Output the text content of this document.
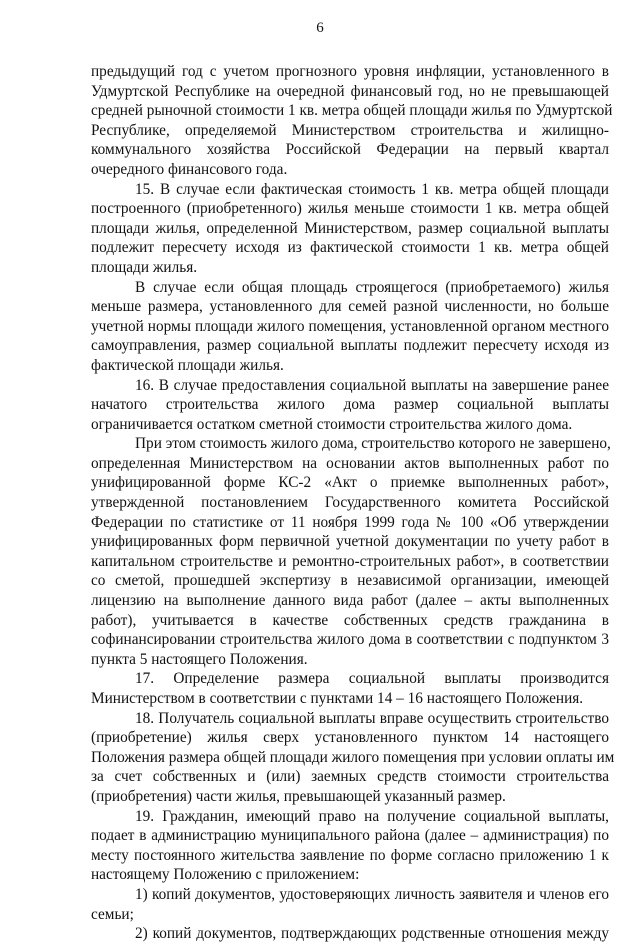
6
предыдущий год с учетом прогнозного уровня инфляции, установленного в
Удмуртской Республике на очередной финансовый год, но не превышающей
средней рыночной стоимости 1 кв. метра общей площади жилья по Удмуртской
Республике, определяемой Министерством строительства и жилищно-
коммунального хозяйства Российской Федерации на первый квартал
очередного финансового года.
15. В случае если фактическая стоимость 1 кв. метра общей площади
построенного (приобретенного) жилья меньше стоимости 1 кв. метра общей
площади жилья, определенной Министерством, размер социальной выплаты
подлежит пересчету исходя из фактической стоимости 1 кв. метра общей
площади жилья.
В случае если общая площадь строящегося (приобретаемого) жилья
меньше размера, установленного для семей разной численности, но больше
учетной нормы площади жилого помещения, установленной органом местного
самоуправления, размер социальной выплаты подлежит пересчету исходя из
фактической площади жилья.
16. В случае предоставления социальной выплаты на завершение ранее
начатого строительства жилого дома размер социальной выплаты
ограничивается остатком сметной стоимости строительства жилого дома.
При этом стоимость жилого дома, строительство которого не завершено,
определенная Министерством на основании актов выполненных работ по
унифицированной форме КС-2 «Акт о приемке выполненных работ»,
утвержденной постановлением Государственного комитета Российской
Федерации по статистике от 11 ноября 1999 года № 100 «Об утверждении
унифицированных форм первичной учетной документации по учету работ в
капитальном строительстве и ремонтно-строительных работ», в соответствии
со сметой, прошедшей экспертизу в независимой организации, имеющей
лицензию на выполнение данного вида работ (далее – акты выполненных
работ), учитывается в качестве собственных средств гражданина в
софинансировании строительства жилого дома в соответствии с подпунктом 3
пункта 5 настоящего Положения.
17. Определение размера социальной выплаты производится
Министерством в соответствии с пунктами 14 – 16 настоящего Положения.
18. Получатель социальной выплаты вправе осуществить строительство
(приобретение) жилья сверх установленного пунктом 14 настоящего
Положения размера общей площади жилого помещения при условии оплаты им
за счет собственных и (или) заемных средств стоимости строительства
(приобретения) части жилья, превышающей указанный размер.
19. Гражданин, имеющий право на получение социальной выплаты,
подает в администрацию муниципального района (далее – администрация) по
месту постоянного жительства заявление по форме согласно приложению 1 к
настоящему Положению с приложением:
1) копий документов, удостоверяющих личность заявителя и членов его
семьи;
2) копий документов, подтверждающих родственные отношения между
